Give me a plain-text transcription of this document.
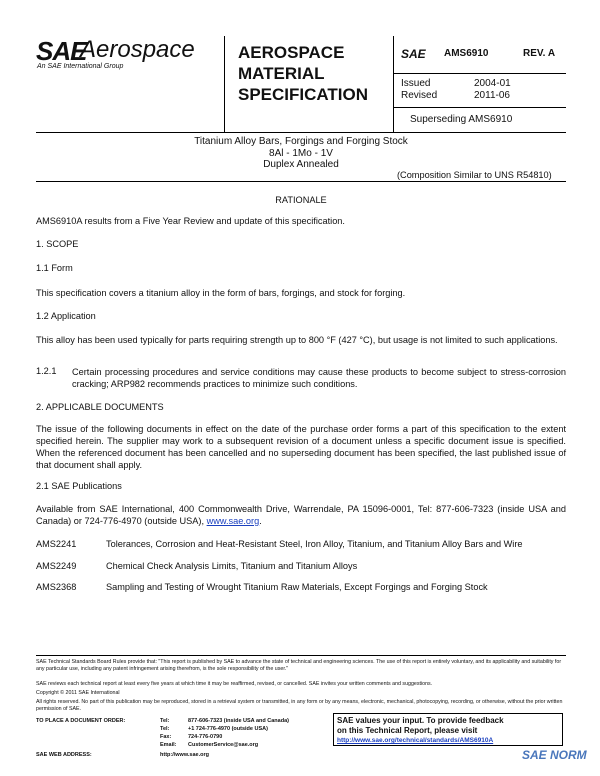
SAE
Aerospace
An SAE International Group
AEROSPACE
MATERIAL
SPECIFICATION
SAE AMS6910	REV. A
Issued	2004-01
Revised	2011-06
Superseding AMS6910
Titanium Alloy Bars, Forgings and Forging Stock
8Al - 1Mo - 1V
Duplex Annealed
(Composition Similar to UNS R54810)
RATIONALE
AMS6910A results from a Five Year Review and update of this specification.
1. SCOPE
1.1 Form
This specification covers a titanium alloy in the form of bars, forgings, and stock for forging.
1.2 Application
This alloy has been used typically for parts requiring strength up to 800 °F (427 °C), but usage is not limited to such applications.
1.2.1 Certain processing procedures and service conditions may cause these products to become subject to stress-corrosion cracking; ARP982 recommends practices to minimize such conditions.
2. APPLICABLE DOCUMENTS
The issue of the following documents in effect on the date of the purchase order forms a part of this specification to the extent specified herein. The supplier may work to a subsequent revision of a document unless a specific document issue is specified. When the referenced document has been cancelled and no superseding document has been specified, the last published issue of that document shall apply.
2.1 SAE Publications
Available from SAE International, 400 Commonwealth Drive, Warrendale, PA 15096-0001, Tel: 877-606-7323 (inside USA and Canada) or 724-776-4970 (outside USA), www.sae.org.
AMS2241	Tolerances, Corrosion and Heat-Resistant Steel, Iron Alloy, Titanium, and Titanium Alloy Bars and Wire
AMS2249	Chemical Check Analysis Limits, Titanium and Titanium Alloys
AMS2368	Sampling and Testing of Wrought Titanium Raw Materials, Except Forgings and Forging Stock
SAE Technical Standards Board Rules provide that: "This report is published by SAE to advance the state of technical and engineering sciences. The use of this report is entirely voluntary, and its applicability and suitability for any particular use, including any patent infringement arising therefrom, is the sole responsibility of the user."
SAE reviews each technical report at least every five years at which time it may be reaffirmed, revised, or cancelled. SAE invites your written comments and suggestions.
Copyright © 2011 SAE International
All rights reserved. No part of this publication may be reproduced, stored in a retrieval system or transmitted, in any form or by any means, electronic, mechanical, photocopying, recording, or otherwise, without the prior written permission of SAE.
TO PLACE A DOCUMENT ORDER:	Tel:	877-606-7323 (inside USA and Canada)
Tel:	+1 724-776-4970 (outside USA)
Fax:	724-776-0790
Email: CustomerService@sae.org
SAE WEB ADDRESS:	http://www.sae.org
SAE values your input. To provide feedback
on this Technical Report, please visit
http://www.sae.org/technical/standards/AMS6910A
SAE NORM
